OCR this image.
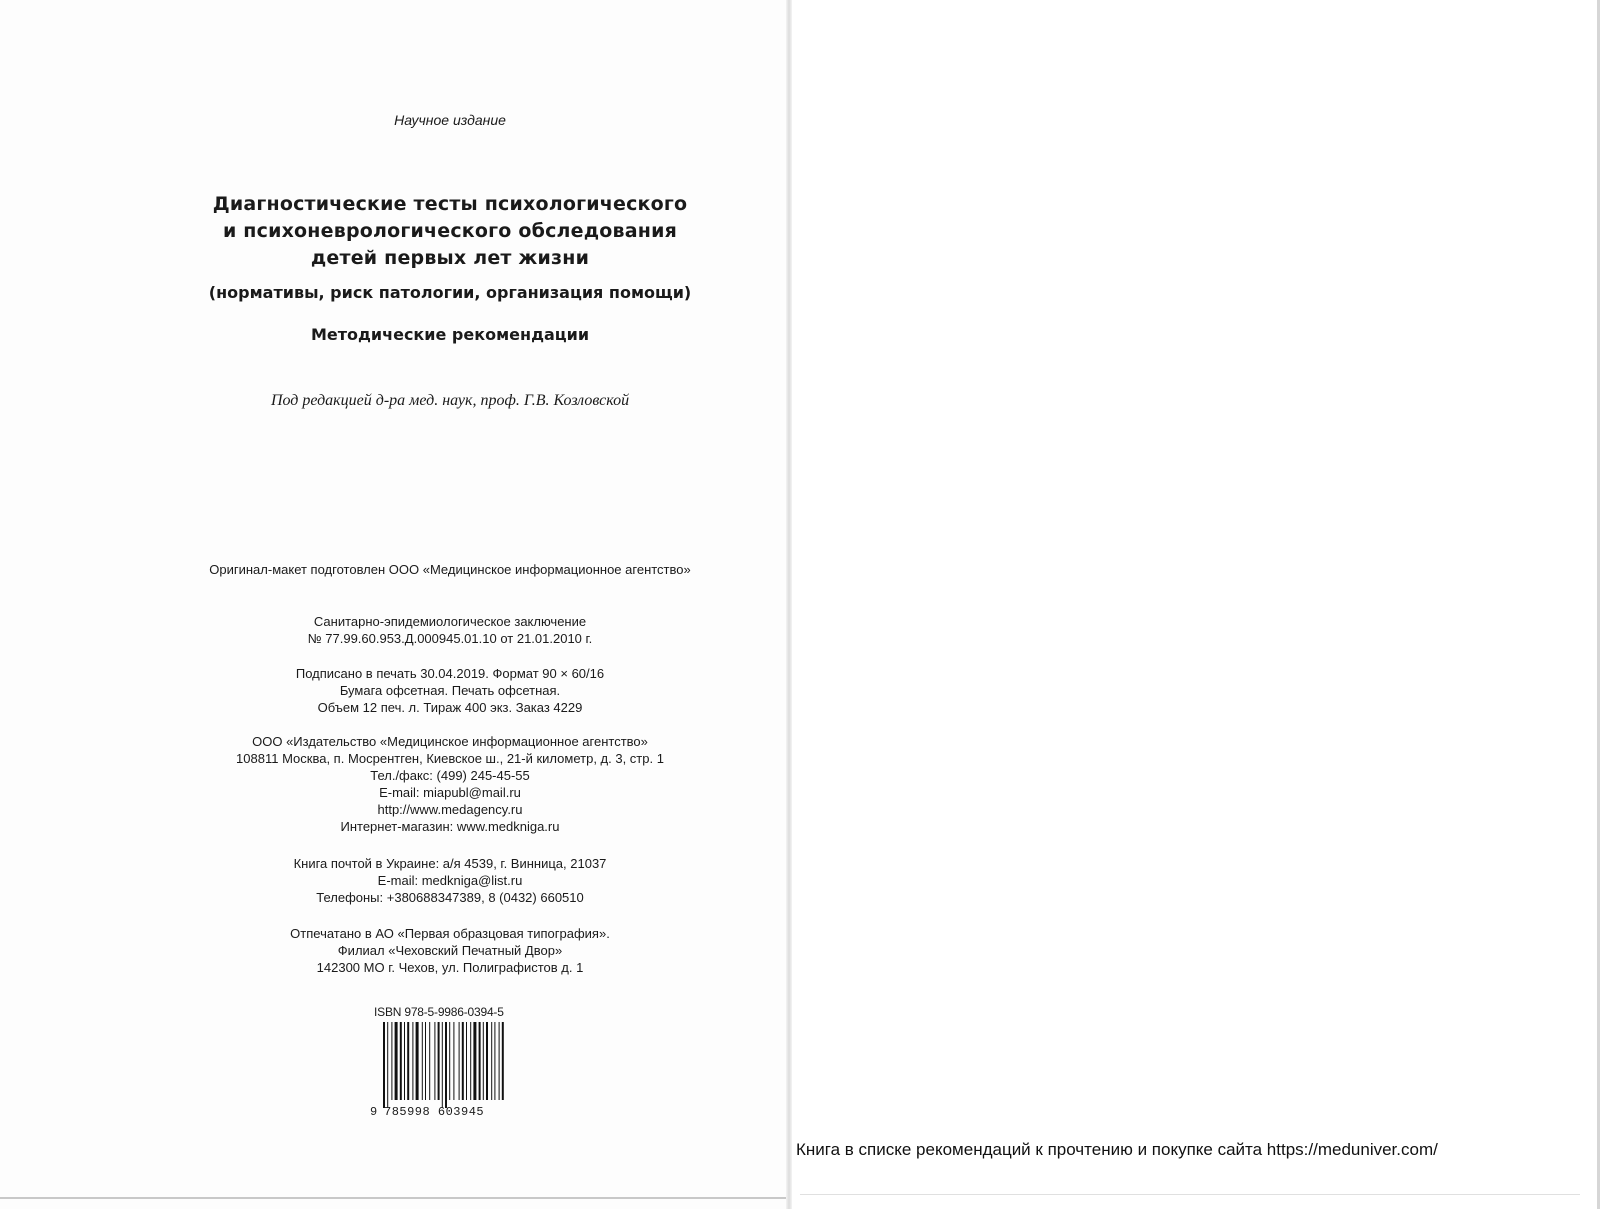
Научное издание
Диагностические тесты психологического
и психоневрологического обследования
детей первых лет жизни
(нормативы, риск патологии, организация помощи)
Методические рекомендации
Под редакцией д-ра мед. наук, проф. Г.В. Козловской
Оригинал-макет подготовлен ООО «Медицинское информационное агентство»
Санитарно-эпидемиологическое заключение
№ 77.99.60.953.Д.000945.01.10 от 21.01.2010 г.
Подписано в печать 30.04.2019. Формат 90 × 60/16
Бумага офсетная. Печать офсетная.
Объем 12 печ. л. Тираж 400 экз. Заказ 4229
ООО «Издательство «Медицинское информационное агентство»
108811 Москва, п. Мосрентген, Киевское ш., 21-й километр, д. 3, стр. 1
Тел./факс: (499) 245-45-55
E-mail: miapubl@mail.ru
http://www.medagency.ru
Интернет-магазин: www.medkniga.ru
Книга почтой в Украине: а/я 4539, г. Винница, 21037
E-mail: medkniga@list.ru
Телефоны: +380688347389, 8 (0432) 660510
Отпечатано в АО «Первая образцовая типография».
Филиал «Чеховский Печатный Двор»
142300 МО г. Чехов, ул. Полиграфистов д. 1
ISBN 978-5-9986-0394-5
9 785998 603945
Книга в списке рекомендаций к прочтению и покупке сайта https://meduniver.com/
